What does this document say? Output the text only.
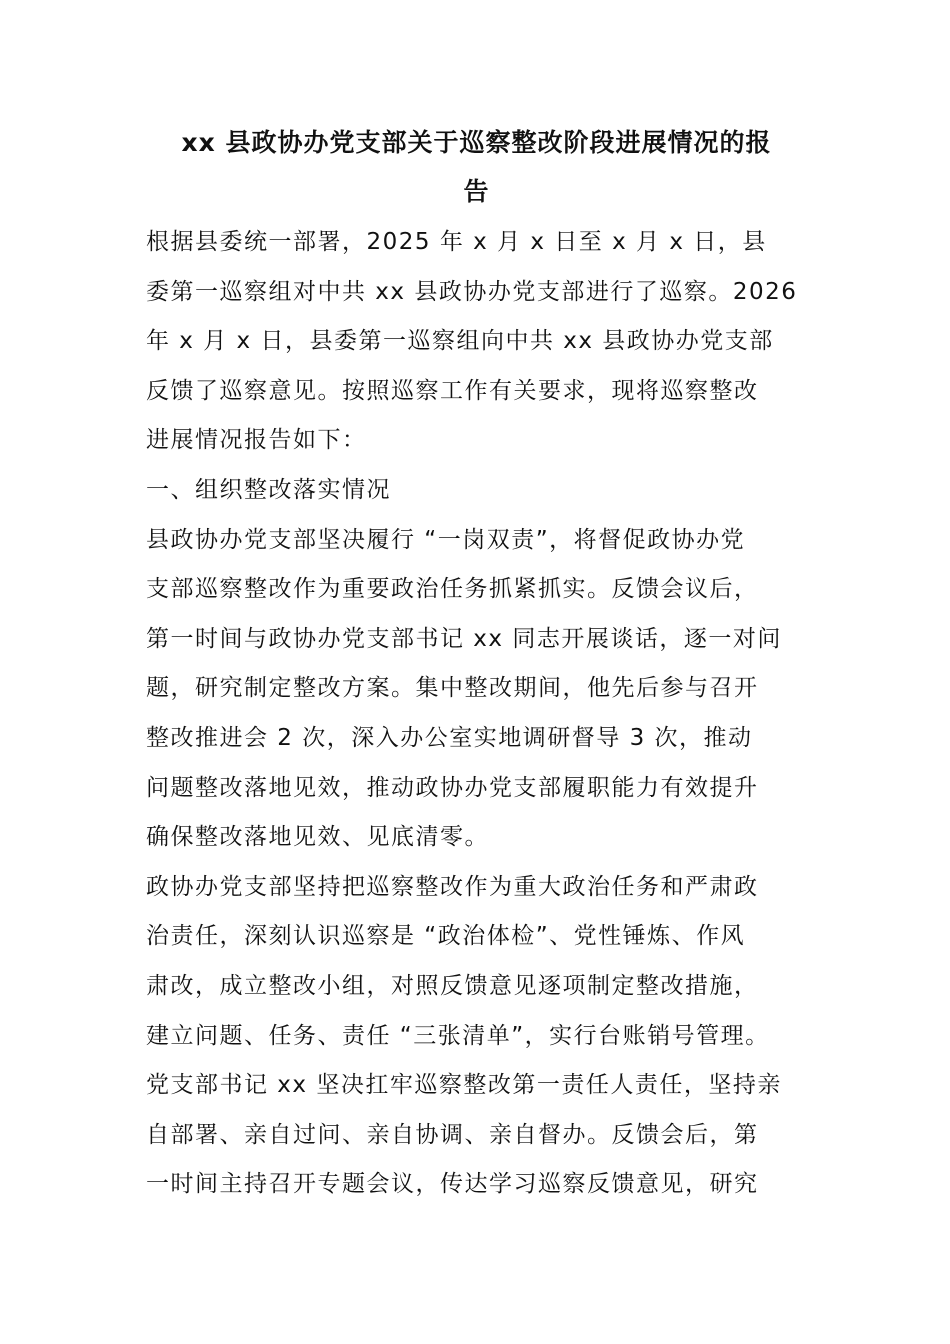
xx 县政协办党支部关于巡察整改阶段进展情况的报
告

根据县委统一部署，2025 年 x 月 x 日至 x 月 x 日，县
委第一巡察组对中共 xx 县政协办党支部进行了巡察。2026
年 x 月 x 日，县委第一巡察组向中共 xx 县政协办党支部
反馈了巡察意见。按照巡察工作有关要求，现将巡察整改
进展情况报告如下：

一、组织整改落实情况

县政协办党支部坚决履行 “一岗双责”，将督促政协办党
支部巡察整改作为重要政治任务抓紧抓实。反馈会议后，
第一时间与政协办党支部书记 xx 同志开展谈话，逐一对问
题，研究制定整改方案。集中整改期间，他先后参与召开
整改推进会 2 次，深入办公室实地调研督导 3 次，推动
问题整改落地见效，推动政协办党支部履职能力有效提升
确保整改落地见效、见底清零。

政协办党支部坚持把巡察整改作为重大政治任务和严肃政
治责任，深刻认识巡察是 “政治体检”、党性锤炼、作风
肃改，成立整改小组，对照反馈意见逐项制定整改措施，
建立问题、任务、责任 “三张清单”，实行台账销号管理。
党支部书记 xx 坚决扛牢巡察整改第一责任人责任，坚持亲
自部署、亲自过问、亲自协调、亲自督办。反馈会后，第
一时间主持召开专题会议，传达学习巡察反馈意见，研究
